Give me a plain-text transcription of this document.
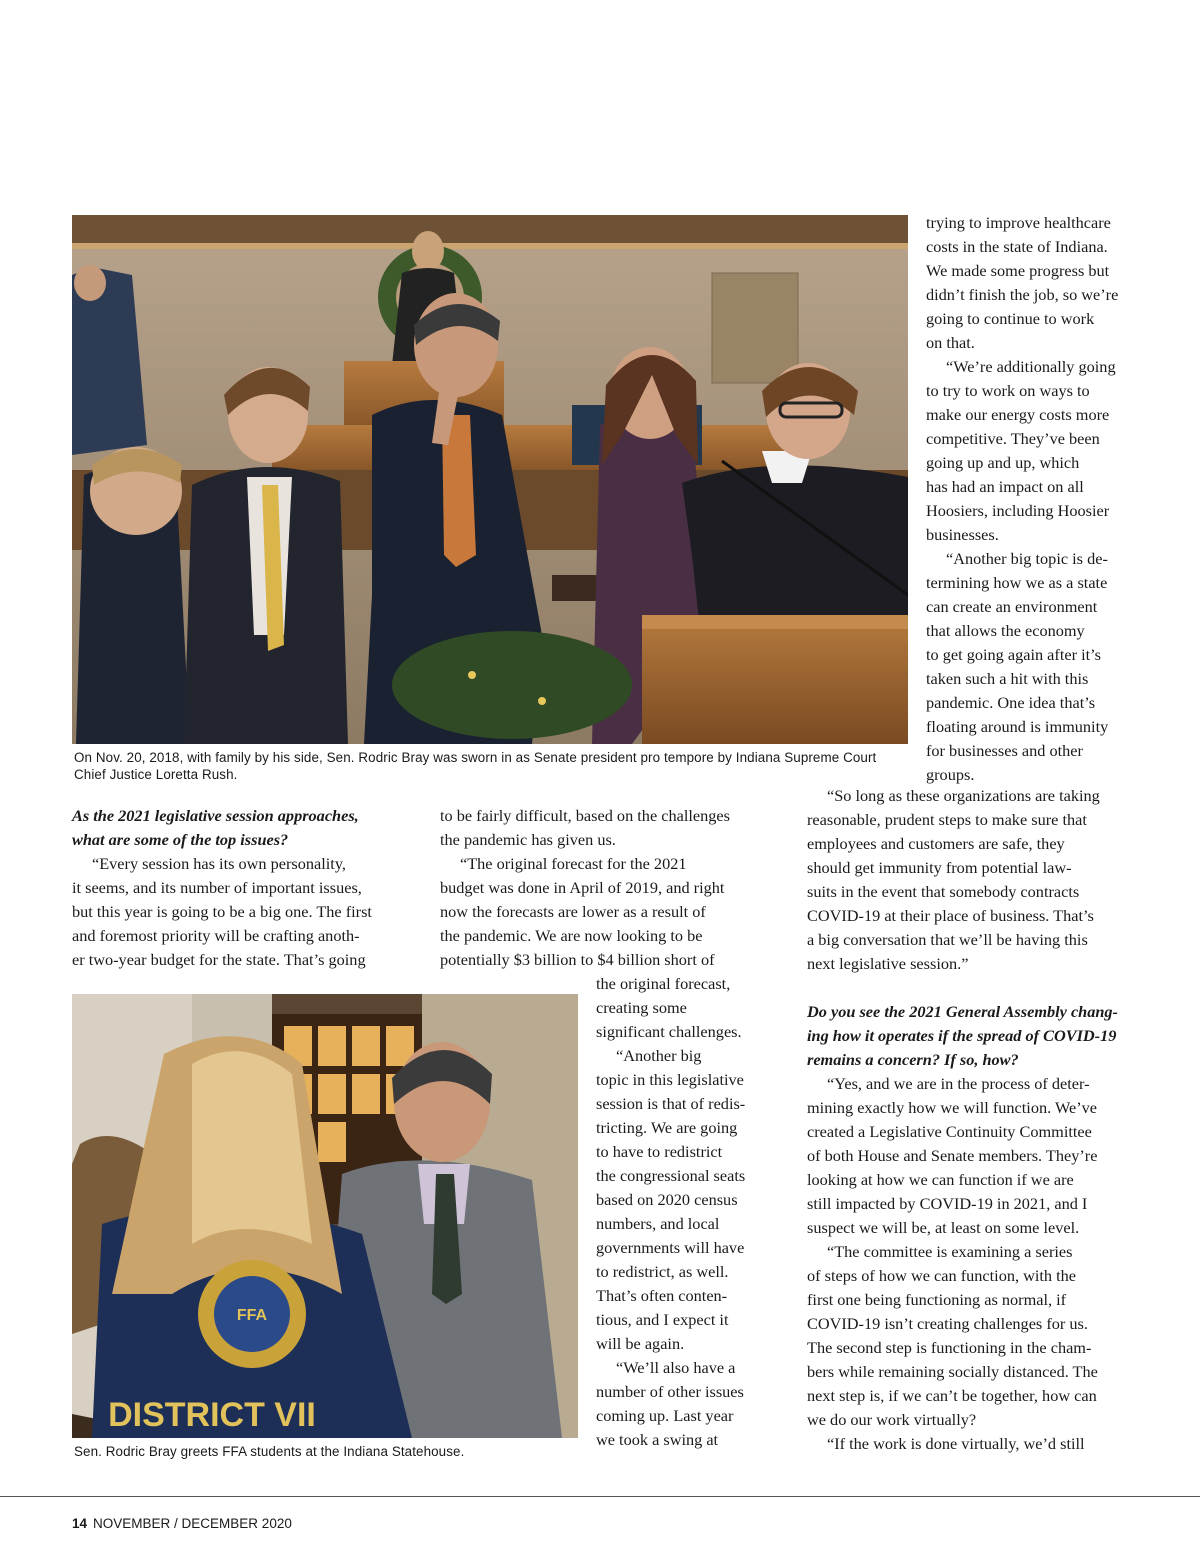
On Nov. 20, 2018, with family by his side, Sen. Rodric Bray was sworn in as Senate president pro tempore by Indiana Supreme Court
Chief Justice Loretta Rush.
FFA
DISTRICT VII
Sen. Rodric Bray greets FFA students at the Indiana Statehouse.

trying to improve healthcare

costs in the state of Indiana.

We made some progress but

didn’t finish the job, so we’re

going to continue to work

on that.

“We’re additionally going

to try to work on ways to

make our energy costs more

competitive. They’ve been

going up and up, which

has had an impact on all

Hoosiers, including Hoosier

businesses.

“Another big topic is de-

termining how we as a state

can create an environment

that allows the economy

to get going again after it’s

taken such a hit with this

pandemic. One idea that’s

floating around is immunity

for businesses and other

groups.

As the 2021 legislative session approaches,

what are some of the top issues?

“Every session has its own personality,

it seems, and its number of important issues,

but this year is going to be a big one. The first

and foremost priority will be crafting anoth-

er two-year budget for the state. That’s going

to be fairly difficult, based on the challenges

the pandemic has given us.

“The original forecast for the 2021

budget was done in April of 2019, and right

now the forecasts are lower as a result of

the pandemic. We are now looking to be

potentially $3 billion to $4 billion short of

the original forecast,

creating some

significant challenges.

“Another big

topic in this legislative

session is that of redis-

tricting. We are going

to have to redistrict

the congressional seats

based on 2020 census

numbers, and local

governments will have

to redistrict, as well.

That’s often conten-

tious, and I expect it

will be again.

“We’ll also have a

number of other issues

coming up. Last year

we took a swing at

“So long as these organizations are taking

reasonable, prudent steps to make sure that

employees and customers are safe, they

should get immunity from potential law-

suits in the event that somebody contracts

COVID-19 at their place of business. That’s

a big conversation that we’ll be having this

next legislative session.”

Do you see the 2021 General Assembly chang-

ing how it operates if the spread of COVID-19

remains a concern? If so, how?

“Yes, and we are in the process of deter-

mining exactly how we will function. We’ve

created a Legislative Continuity Committee

of both House and Senate members. They’re

looking at how we can function if we are

still impacted by COVID-19 in 2021, and I

suspect we will be, at least on some level.

“The committee is examining a series

of steps of how we can function, with the

first one being functioning as normal, if

COVID-19 isn’t creating challenges for us.

The second step is functioning in the cham-

bers while remaining socially distanced. The

next step is, if we can’t be together, how can

we do our work virtually?

“If the work is done virtually, we’d still

14 NOVEMBER / DECEMBER 2020
